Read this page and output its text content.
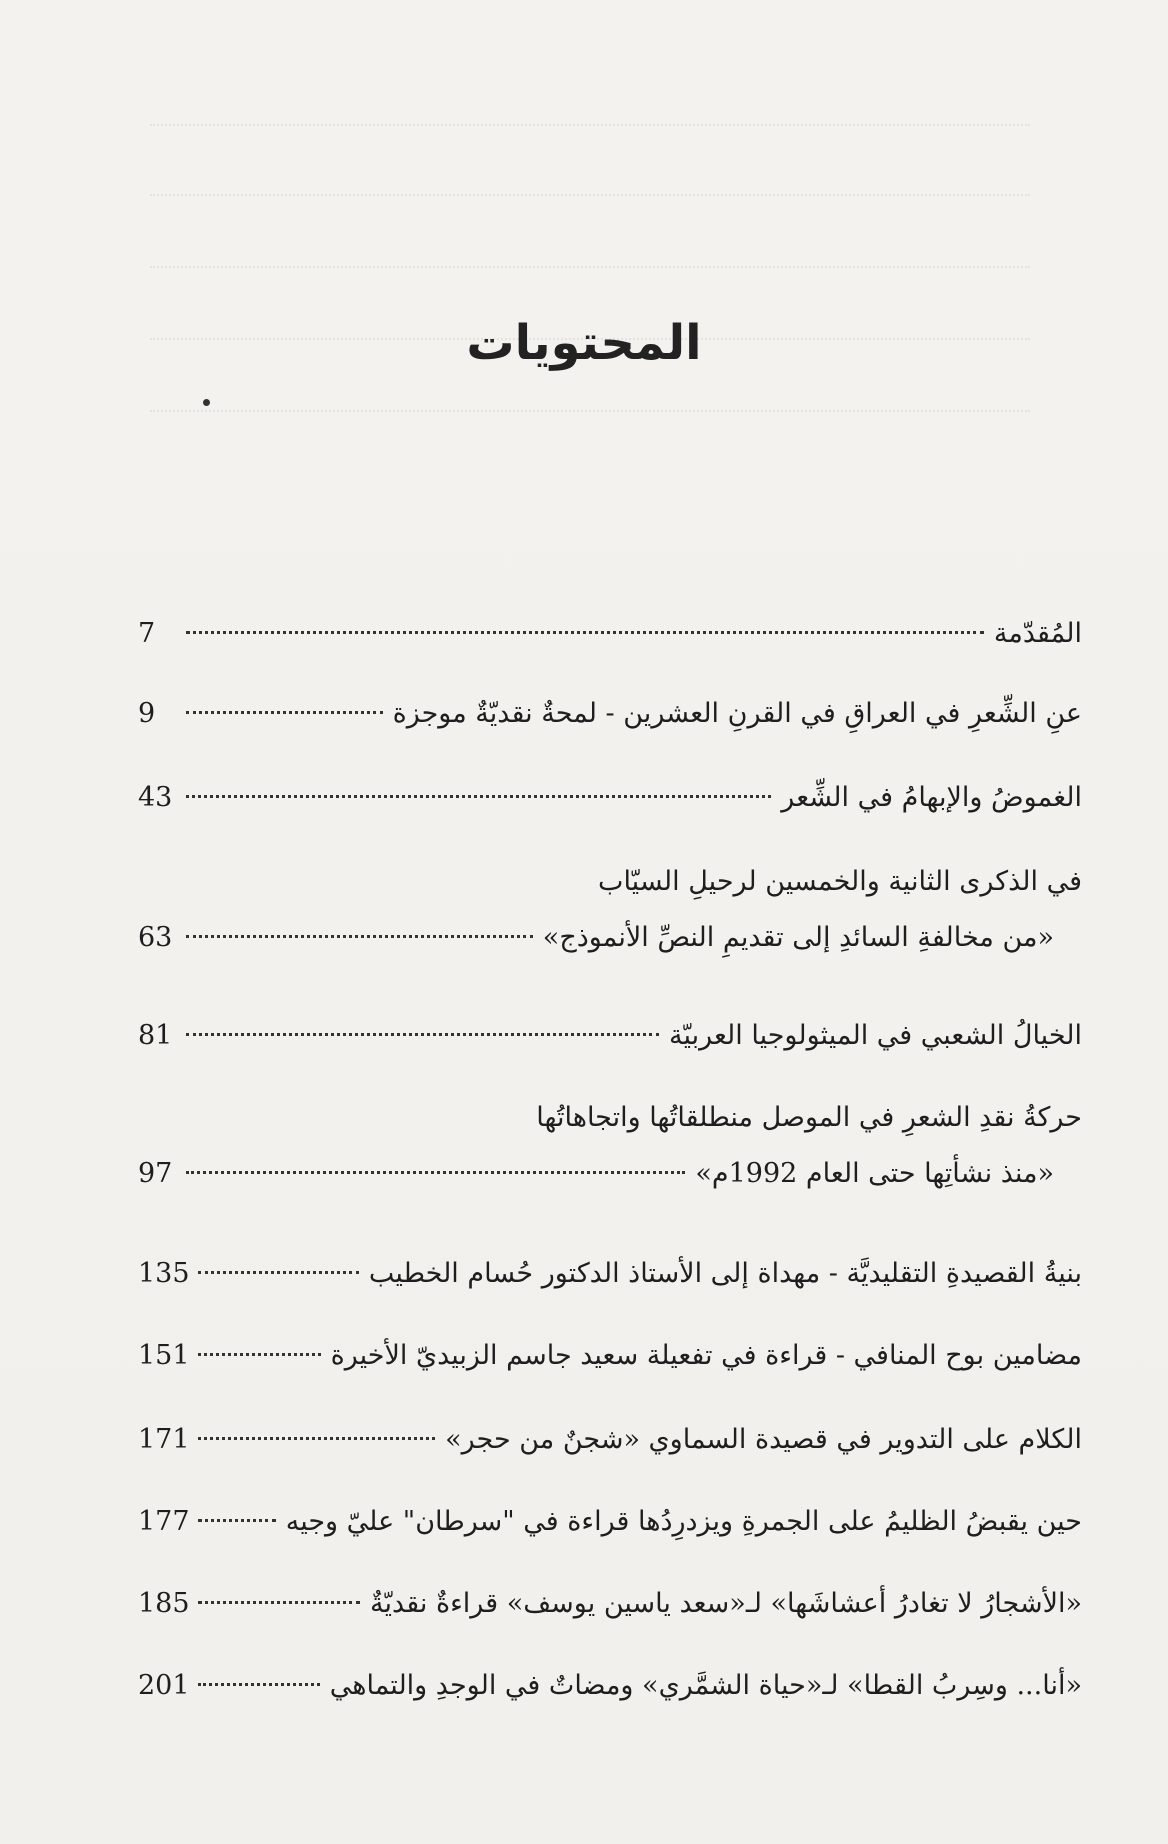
المحتويات
المُقدّمة
7
عنِ الشِّعرِ في العراقِ في القرنِ العشرين - لمحةٌ نقديّةٌ موجزة
9
الغموضُ والإبهامُ في الشِّعر
43
في الذكرى الثانية والخمسين لرحيلِ السيّاب
«من مخالفةِ السائدِ إلى تقديمِ النصِّ الأنموذج»
63
الخيالُ الشعبي في الميثولوجيا العربيّة
81
حركةُ نقدِ الشعرِ في الموصل منطلقاتُها واتجاهاتُها
«منذ نشأتِها حتى العام 1992م»
97
بنيةُ القصيدةِ التقليديَّة - مهداة إلى الأستاذ الدكتور حُسام الخطيب
135
مضامين بوح المنافي - قراءة في تفعيلة سعيد جاسم الزبيديّ الأخيرة
151
الكلام على التدوير في قصيدة السماوي «شجنٌ من حجر»
171
حين يقبضُ الظليمُ على الجمرةِ ويزدرِدُها قراءة في "سرطان" عليّ وجيه
177
«الأشجارُ لا تغادرُ أعشاشَها» لـ«سعد ياسين يوسف» قراءةٌ نقديّةٌ
185
«أنا... وسِربُ القطا» لـ«حياة الشمَّري» ومضاتٌ في الوجدِ والتماهي
201
